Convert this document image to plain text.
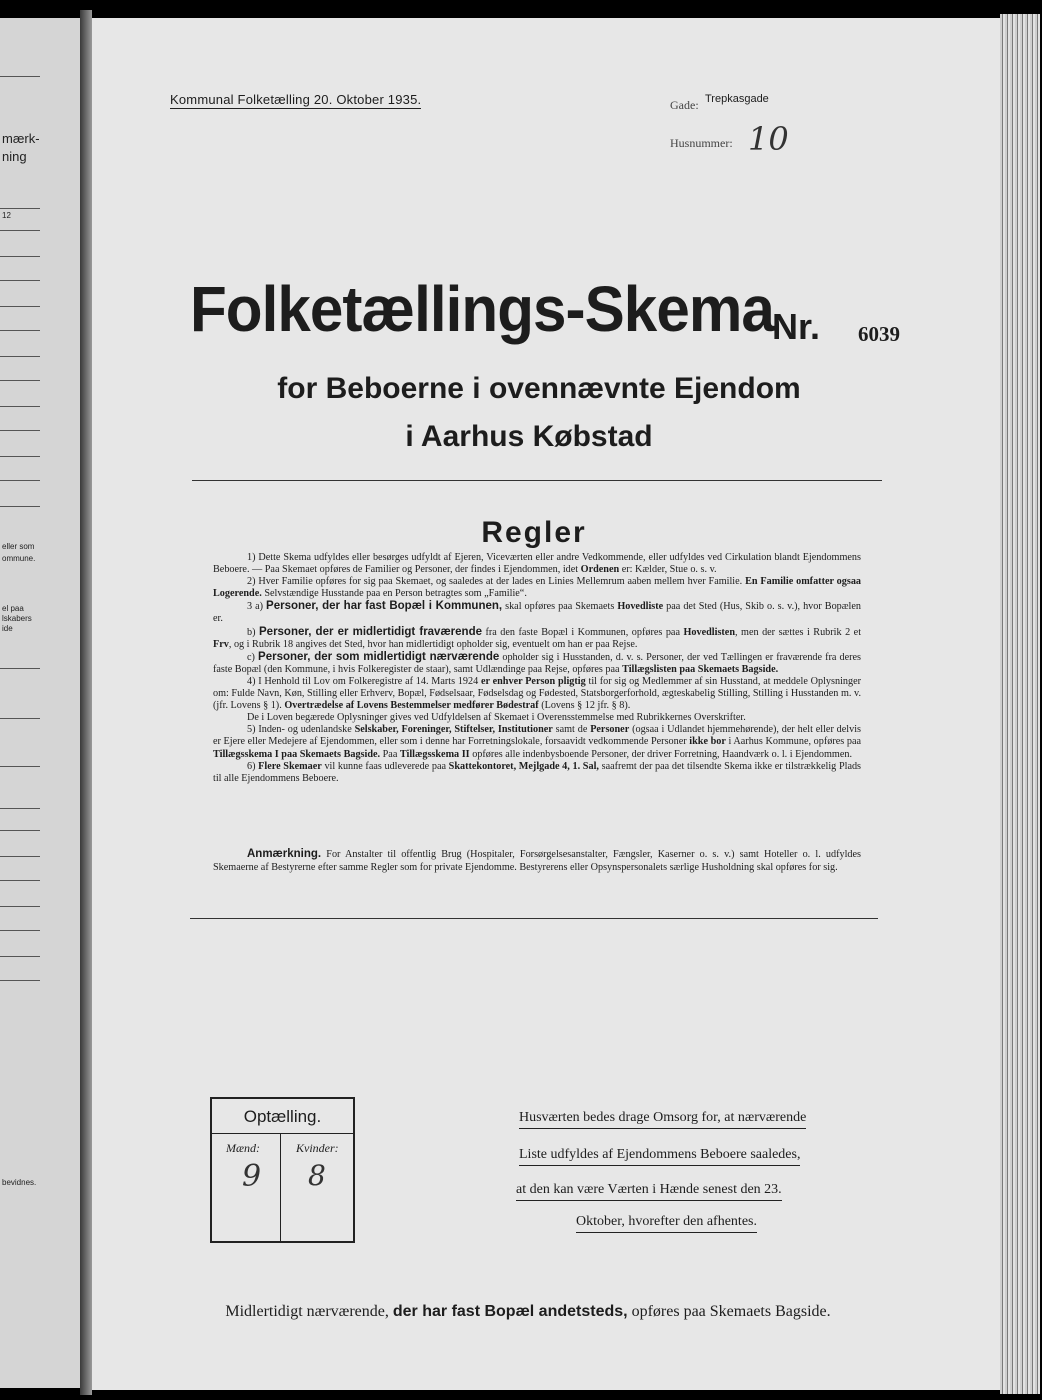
mærk-
ning
12
eller som
ommune.
el paa
lskabers
ide
bevidnes.
Kommunal Folketælling 20. Oktober 1935.	Gade: Trepkasgade
Husnummer: 10
Folketællings-Skema
Nr. 6039
for Beboerne i ovennævnte Ejendom
i Aarhus Købstad
Regler

1) Dette Skema udfyldes eller besørges udfyldt af Ejeren, Viceværten eller andre Vedkommende, eller udfyldes ved Cirkulation blandt Ejendommens Beboere. — Paa Skemaet opføres de Familier og Personer, der findes i Ejendommen, idet Ordenen er: Kælder, Stue o. s. v.

2) Hver Familie opføres for sig paa Skemaet, og saaledes at der lades en Linies Mellemrum aaben mellem hver Familie. En Familie omfatter ogsaa Logerende. Selvstændige Husstande paa en Person betragtes som „Familie“.

3 a) Personer, der har fast Bopæl i Kommunen, skal opføres paa Skemaets Hovedliste paa det Sted (Hus, Skib o. s. v.), hvor Bopælen er.

b) Personer, der er midlertidigt fraværende fra den faste Bopæl i Kommunen, opføres paa Hovedlisten, men der sættes i Rubrik 2 et Frv, og i Rubrik 18 angives det Sted, hvor han midlertidigt opholder sig, eventuelt om han er paa Rejse.

c) Personer, der som midlertidigt nærværende opholder sig i Husstanden, d. v. s. Personer, der ved Tællingen er fraværende fra deres faste Bopæl (den Kommune, i hvis Folkeregister de staar), samt Udlændinge paa Rejse, opføres paa Tillægslisten paa Skemaets Bagside.

4) I Henhold til Lov om Folkeregistre af 14. Marts 1924 er enhver Person pligtig til for sig og Medlemmer af sin Husstand, at meddele Oplysninger om: Fulde Navn, Køn, Stilling eller Erhverv, Bopæl, Fødselsaar, Fødselsdag og Fødested, Statsborgerforhold, ægteskabelig Stilling, Stilling i Husstanden m. v. (jfr. Lovens § 1). Overtrædelse af Lovens Bestemmelser medfører Bødestraf (Lovens § 12 jfr. § 8).

De i Loven begærede Oplysninger gives ved Udfyldelsen af Skemaet i Overensstemmelse med Rubrikkernes Overskrifter.

5) Inden- og udenlandske Selskaber, Foreninger, Stiftelser, Institutioner samt de Personer (ogsaa i Udlandet hjemmehørende), der helt eller delvis er Ejere eller Medejere af Ejendommen, eller som i denne har Forretningslokale, forsaavidt vedkommende Personer ikke bor i Aarhus Kommune, opføres paa Tillægsskema I paa Skemaets Bagside. Paa Tillægsskema II opføres alle indenbysboende Personer, der driver Forretning, Haandværk o. l. i Ejendommen.

6) Flere Skemaer vil kunne faas udleverede paa Skattekontoret, Mejlgade 4, 1. Sal, saafremt der paa det tilsendte Skema ikke er tilstrækkelig Plads til alle Ejendommens Beboere.

Anmærkning. For Anstalter til offentlig Brug (Hospitaler, Forsørgelsesanstalter, Fængsler, Kaserner o. s. v.) samt Hoteller o. l. udfyldes Skemaerne af Bestyrerne efter samme Regler som for private Ejendomme. Bestyrerens eller Opsynspersonalets særlige Husholdning skal opføres for sig.

Optælling.
Mænd:	Kvinder:
9 8
Husværten bedes drage Omsorg for, at nærværende
Liste udfyldes af Ejendommens Beboere saaledes,
at den kan være Værten i Hænde senest den 23.
Oktober, hvorefter den afhentes.
Midlertidigt nærværende, der har fast Bopæl andetsteds, opføres paa Skemaets Bagside.
